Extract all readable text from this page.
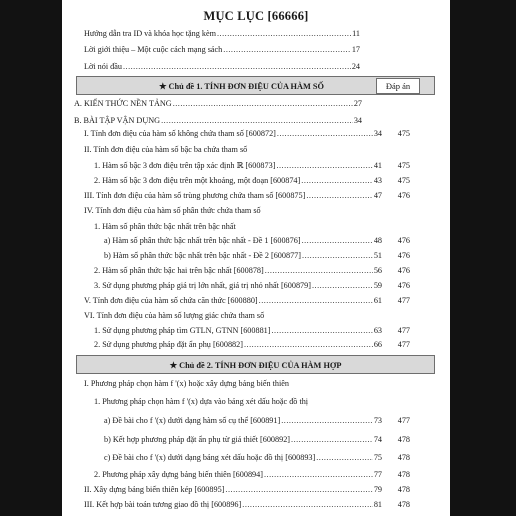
MỤC LỤC [66666]
Hướng dẫn tra ID và khóa học tặng kèm .....	11
Lời giới thiệu – Một cuộc cách mạng sách .....	17
Lời nói đầu .....	24
★ Chủ đề 1. TÍNH ĐƠN ĐIỆU CỦA HÀM SỐ	Đáp án
A. KIẾN THỨC NỀN TẢNG .....	27
B. BÀI TẬP VẬN DỤNG .....	34
I. Tính đơn điệu của hàm số không chứa tham số [600872] .....	34	475
II. Tính đơn điệu của hàm số bậc ba chứa tham số
1. Hàm số bậc 3 đơn điệu trên tập xác định ℝ [600873] .....	41	475
2. Hàm số bậc 3 đơn điệu trên một khoảng, một đoạn [600874] .....	43	475
III. Tính đơn điệu của hàm số trùng phương chứa tham số [600875] .....	47	476
IV. Tính đơn điệu của hàm số phân thức chứa tham số
1. Hàm số phân thức bậc nhất trên bậc nhất
a) Hàm số phân thức bậc nhất trên bậc nhất - Đề 1 [600876] .....	48	476
b) Hàm số phân thức bậc nhất trên bậc nhất - Đề 2 [600877] .....	51	476
2. Hàm số phân thức bậc hai trên bậc nhất [600878] .....	56	476
3. Sử dụng phương pháp giá trị lớn nhất, giá trị nhỏ nhất [600879] .....	59	476
V. Tính đơn điệu của hàm số chứa căn thức [600880] .....	61	477
VI. Tính đơn điệu của hàm số lượng giác chứa tham số
1. Sử dụng phương pháp tìm GTLN, GTNN [600881] .....	63	477
2. Sử dụng phương pháp đặt ẩn phụ [600882] .....	66	477
★ Chủ đề 2. TÍNH ĐƠN ĐIỆU CỦA HÀM HỢP
I. Phương pháp chọn hàm f '(x) hoặc xây dựng bảng biến thiên
1. Phương pháp chọn hàm f '(x) dựa vào bảng xét dấu hoặc đồ thị
a) Đề bài cho f '(x) dưới dạng hàm số cụ thể [600891] .....	73	477
b) Kết hợp phương pháp đặt ẩn phụ từ giá thiết [600892] .....	74	478
c) Đề bài cho f '(x) dưới dạng bảng xét dấu hoặc đồ thị [600893] .....	75	478
2. Phương pháp xây dựng bảng biến thiên [600894] .....	77	478
II. Xây dựng bảng biến thiên kép [600895] .....	79	478
III. Kết hợp bài toán tương giao đồ thị [600896] .....	81	478
